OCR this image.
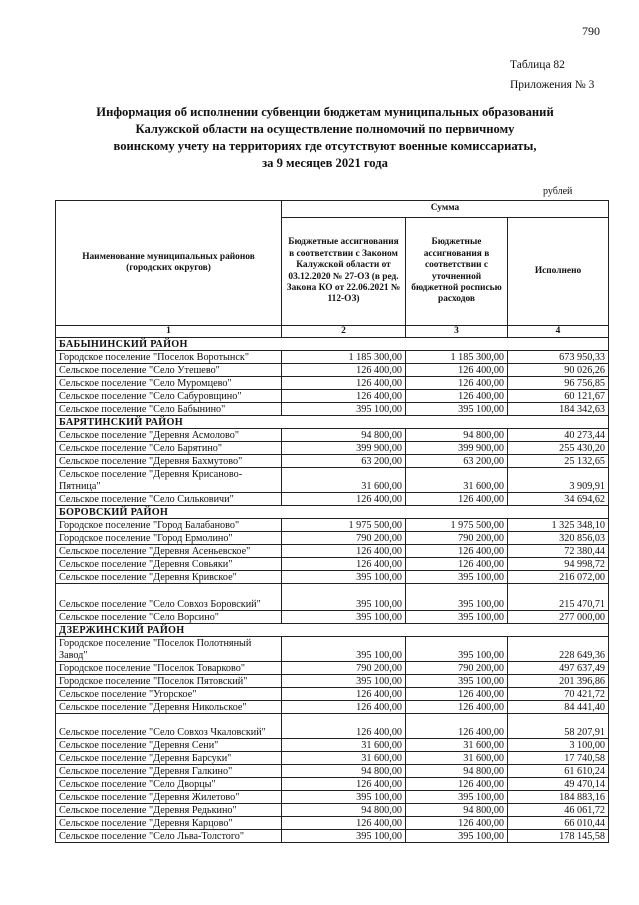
790
Таблица 82
Приложения № 3
Информация об исполнении субвенции бюджетам муниципальных образований
Калужской области на осуществление полномочий по первичному
воинскому учету на территориях где отсутствуют военные комиссариаты,
за 9 месяцев 2021 года
рублей
Наименование муниципальных районов (городских округов)	Сумма		
	Бюджетные ассигнования в соответствии с Законом Калужской области от 03.12.2020 № 27-ОЗ (в ред. Закона КО от 22.06.2021 № 112-ОЗ)	Бюджетные ассигнования в соответствии с уточненной бюджетной росписью расходов	Исполнено
1	2	3	4
БАБЫНИНСКИЙ РАЙОН			
Городское поселение "Поселок Воротынск"	1 185 300,00	1 185 300,00	673 950,33
Сельское поселение "Село Утешево"	126 400,00	126 400,00	90 026,26
Сельское поселение "Село Муромцево"	126 400,00	126 400,00	96 756,85
Сельское поселение "Село Сабуровщино"	126 400,00	126 400,00	60 121,67
Сельское поселение "Село Бабынино"	395 100,00	395 100,00	184 342,63
БАРЯТИНСКИЙ РАЙОН			
Сельское поселение "Деревня Асмолово"	94 800,00	94 800,00	40 273,44
Сельское поселение "Село Барятино"	399 900,00	399 900,00	255 430,20
Сельское поселение "Деревня Бахмутово"	63 200,00	63 200,00	25 132,65
Сельское поселение "Деревня Крисаново-Пятница"	31 600,00	31 600,00	3 909,91
Сельское поселение "Село Сильковичи"	126 400,00	126 400,00	34 694,62
БОРОВСКИЙ РАЙОН			
Городское поселение "Город Балабаново"	1 975 500,00	1 975 500,00	1 325 348,10
Городское поселение "Город Ермолино"	790 200,00	790 200,00	320 856,03
Сельское поселение "Деревня Асеньевское"	126 400,00	126 400,00	72 380,44
Сельское поселение "Деревня Совьяки"	126 400,00	126 400,00	94 998,72
Сельское поселение "Деревня Кривское"	395 100,00	395 100,00	216 072,00
Сельское поселение "Село Совхоз Боровский"	395 100,00	395 100,00	215 470,71
Сельское поселение "Село Ворсино"	395 100,00	395 100,00	277 000,00
ДЗЕРЖИНСКИЙ РАЙОН			
Городское поселение "Поселок Полотняный Завод"	395 100,00	395 100,00	228 649,36
Городское поселение "Поселок Товарково"	790 200,00	790 200,00	497 637,49
Городское поселение "Поселок Пятовский"	395 100,00	395 100,00	201 396,86
Сельское поселение "Угорское"	126 400,00	126 400,00	70 421,72
Сельское поселение "Деревня Никольское"	126 400,00	126 400,00	84 441,40
Сельское поселение "Село Совхоз Чкаловский"	126 400,00	126 400,00	58 207,91
Сельское поселение "Деревня Сени"	31 600,00	31 600,00	3 100,00
Сельское поселение "Деревня Барсуки"	31 600,00	31 600,00	17 740,58
Сельское поселение "Деревня Галкино"	94 800,00	94 800,00	61 610,24
Сельское поселение "Село Дворцы"	126 400,00	126 400,00	49 470,14
Сельское поселение "Деревня Жилетово"	395 100,00	395 100,00	184 883,16
Сельское поселение "Деревня Редькино"	94 800,00	94 800,00	46 061,72
Сельское поселение "Деревня Карцово"	126 400,00	126 400,00	66 010,44
Сельское поселение "Село Льва-Толстого"	395 100,00	395 100,00	178 145,58
